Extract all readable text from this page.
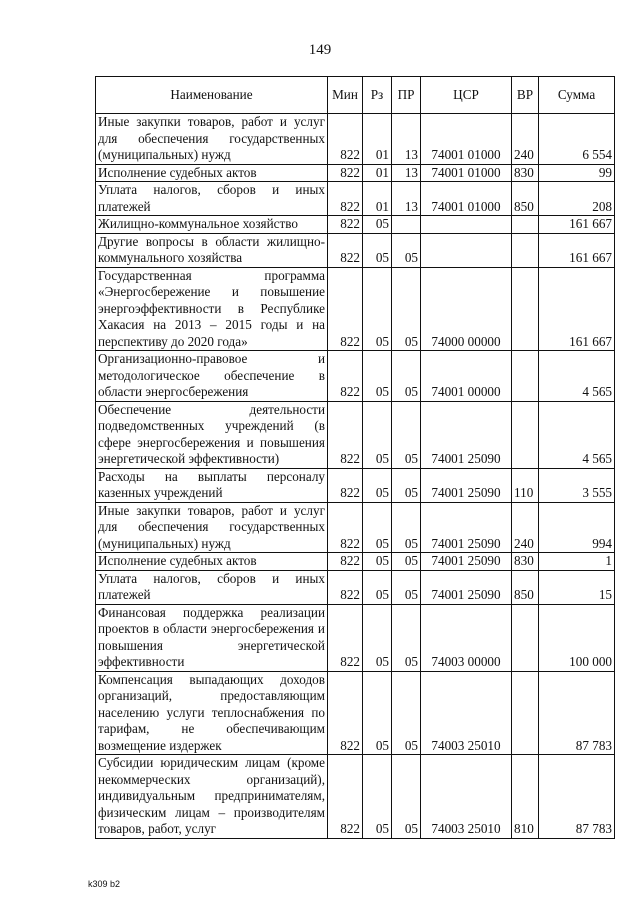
149
Наименование	Мин	Рз	ПР	ЦСР	ВР	Сумма
Иные закупки товаров, работ и услуг для обеспечения государственных (муниципальных) нужд	822	01	13	74001 01000	240	6 554
Исполнение судебных актов	822	01	13	74001 01000	830	99
Уплата налогов, сборов и иных платежей	822	01	13	74001 01000	850	208
Жилищно-коммунальное хозяйство	822	05				161 667
Другие вопросы в области жилищно-коммунального хозяйства	822	05	05			161 667
Государственная программа «Энергосбережение и повышение энергоэффективности в Республике Хакасия на 2013 – 2015 годы и на перспективу до 2020 года»	822	05	05	74000 00000		161 667
Организационно-правовое и методологическое обеспечение в области энергосбережения	822	05	05	74001 00000		4 565
Обеспечение деятельности подведомственных учреждений (в сфере энергосбережения и повышения энергетической эффективности)	822	05	05	74001 25090		4 565
Расходы на выплаты персоналу казенных учреждений	822	05	05	74001 25090	110	3 555
Иные закупки товаров, работ и услуг для обеспечения государственных (муниципальных) нужд	822	05	05	74001 25090	240	994
Исполнение судебных актов	822	05	05	74001 25090	830	1
Уплата налогов, сборов и иных платежей	822	05	05	74001 25090	850	15
Финансовая поддержка реализации проектов в области энергосбережения и повышения энергетической эффективности	822	05	05	74003 00000		100 000
Компенсация выпадающих доходов организаций, предоставляющим населению услуги теплоснабжения по тарифам, не обеспечивающим возмещение издержек	822	05	05	74003 25010		87 783
Субсидии юридическим лицам (кроме некоммерческих организаций), индивидуальным предпринимателям, физическим лицам – производителям товаров, работ, услуг	822	05	05	74003 25010	810	87 783
k309 b2
